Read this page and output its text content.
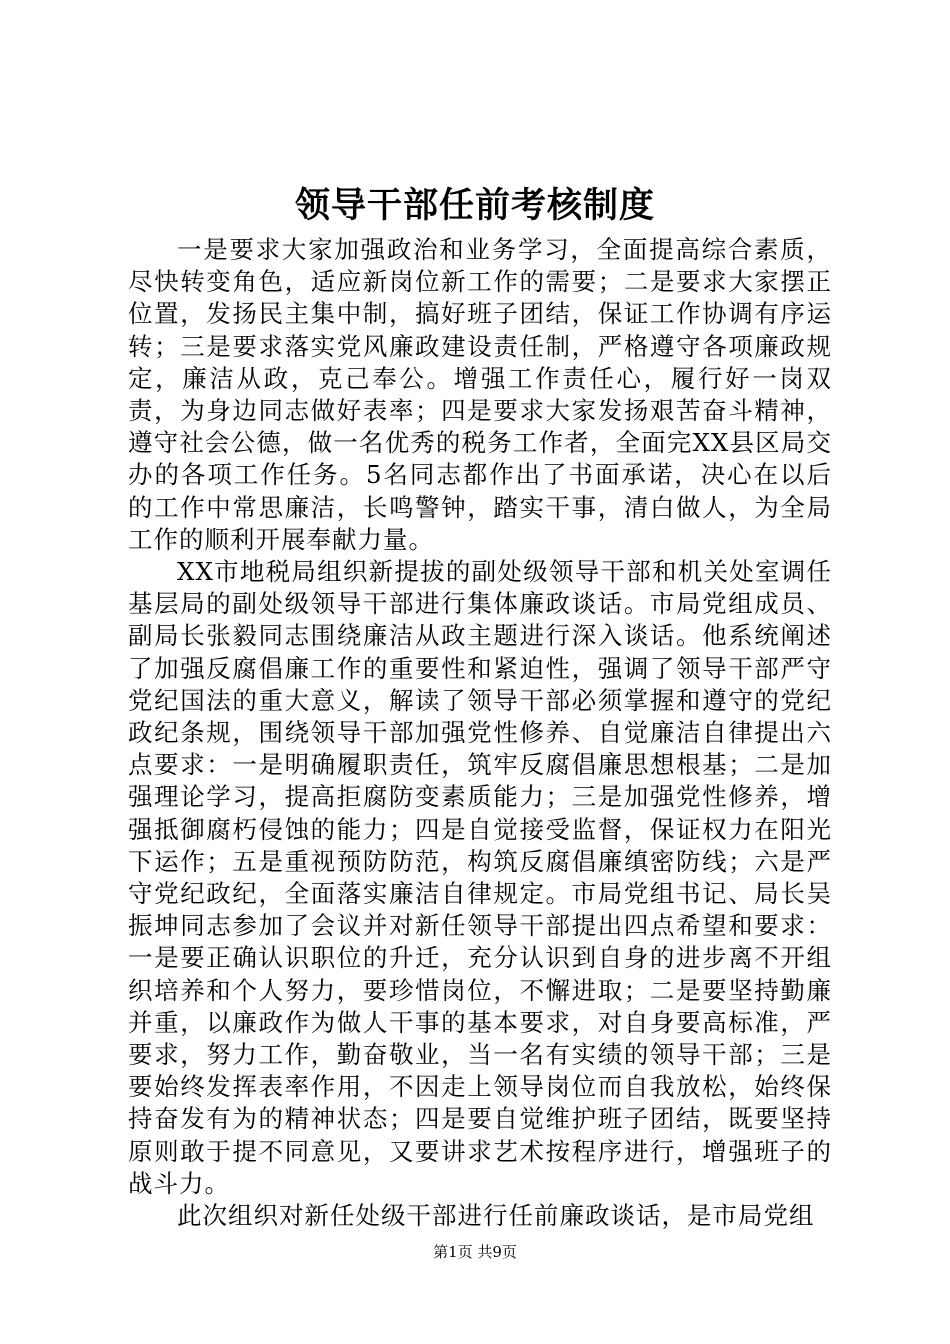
领导干部任前考核制度

一是要求大家加强政治和业务学习，全面提高综合素质，尽快转变角色，适应新岗位新工作的需要；二是要求大家摆正位置，发扬民主集中制，搞好班子团结，保证工作协调有序运转；三是要求落实党风廉政建设责任制，严格遵守各项廉政规定，廉洁从政，克己奉公。增强工作责任心，履行好一岗双责，为身边同志做好表率；四是要求大家发扬艰苦奋斗精神，遵守社会公德，做一名优秀的税务工作者，全面完XX县区局交办的各项工作任务。5名同志都作出了书面承诺，决心在以后的工作中常思廉洁，长鸣警钟，踏实干事，清白做人，为全局工作的顺利开展奉献力量。

XX市地税局组织新提拔的副处级领导干部和机关处室调任基层局的副处级领导干部进行集体廉政谈话。市局党组成员、副局长张毅同志围绕廉洁从政主题进行深入谈话。他系统阐述了加强反腐倡廉工作的重要性和紧迫性，强调了领导干部严守党纪国法的重大意义，解读了领导干部必须掌握和遵守的党纪政纪条规，围绕领导干部加强党性修养、自觉廉洁自律提出六点要求：一是明确履职责任，筑牢反腐倡廉思想根基；二是加强理论学习，提高拒腐防变素质能力；三是加强党性修养，增强抵御腐朽侵蚀的能力；四是自觉接受监督，保证权力在阳光下运作；五是重视预防防范，构筑反腐倡廉缜密防线；六是严守党纪政纪，全面落实廉洁自律规定。市局党组书记、局长吴振坤同志参加了会议并对新任领导干部提出四点希望和要求：一是要正确认识职位的升迁，充分认识到自身的进步离不开组织培养和个人努力，要珍惜岗位，不懈进取；二是要坚持勤廉并重，以廉政作为做人干事的基本要求，对自身要高标准，严要求，努力工作，勤奋敬业，当一名有实绩的领导干部；三是要始终发挥表率作用，不因走上领导岗位而自我放松，始终保持奋发有为的精神状态；四是要自觉维护班子团结，既要坚持原则敢于提不同意见，又要讲求艺术按程序进行，增强班子的战斗力。

此次组织对新任处级干部进行任前廉政谈话，是市局党组

第1页 共9页
